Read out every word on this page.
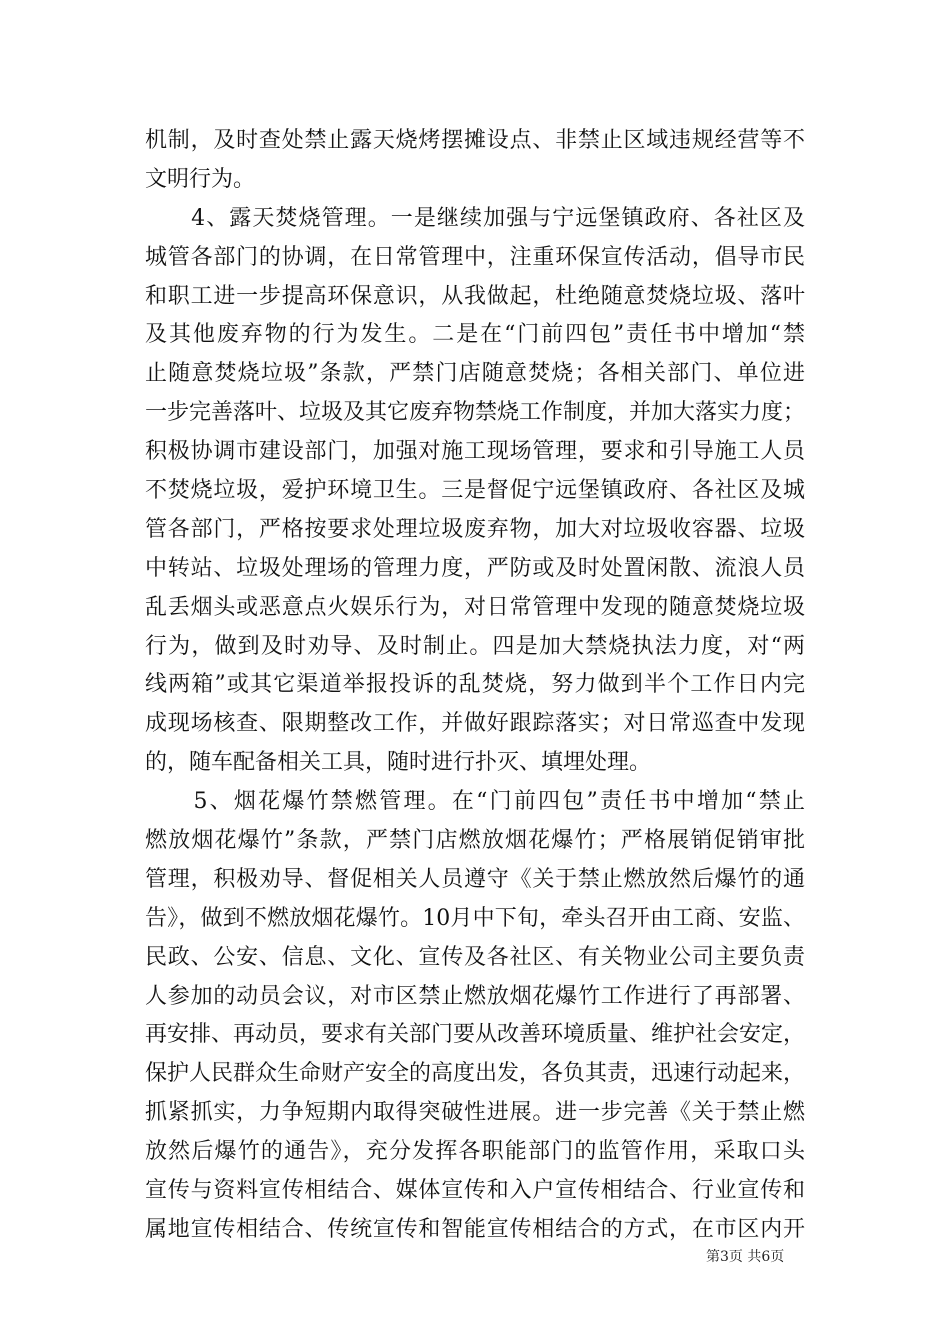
机制，及时查处禁止露天烧烤摆摊设点、非禁止区域违规经营等不
文明行为。
　　4、露天焚烧管理。一是继续加强与宁远堡镇政府、各社区及
城管各部门的协调，在日常管理中，注重环保宣传活动，倡导市民
和职工进一步提高环保意识，从我做起，杜绝随意焚烧垃圾、落叶
及其他废弃物的行为发生。二是在“门前四包”责任书中增加“禁
止随意焚烧垃圾”条款，严禁门店随意焚烧；各相关部门、单位进
一步完善落叶、垃圾及其它废弃物禁烧工作制度，并加大落实力度；
积极协调市建设部门，加强对施工现场管理，要求和引导施工人员
不焚烧垃圾，爱护环境卫生。三是督促宁远堡镇政府、各社区及城
管各部门，严格按要求处理垃圾废弃物，加大对垃圾收容器、垃圾
中转站、垃圾处理场的管理力度，严防或及时处置闲散、流浪人员
乱丢烟头或恶意点火娱乐行为，对日常管理中发现的随意焚烧垃圾
行为，做到及时劝导、及时制止。四是加大禁烧执法力度，对“两
线两箱”或其它渠道举报投诉的乱焚烧，努力做到半个工作日内完
成现场核查、限期整改工作，并做好跟踪落实；对日常巡查中发现
的，随车配备相关工具，随时进行扑灭、填埋处理。
　　5、烟花爆竹禁燃管理。在“门前四包”责任书中增加“禁止
燃放烟花爆竹”条款，严禁门店燃放烟花爆竹；严格展销促销审批
管理，积极劝导、督促相关人员遵守《关于禁止燃放然后爆竹的通
告》，做到不燃放烟花爆竹。10月中下旬，牵头召开由工商、安监、
民政、公安、信息、文化、宣传及各社区、有关物业公司主要负责
人参加的动员会议，对市区禁止燃放烟花爆竹工作进行了再部署、
再安排、再动员，要求有关部门要从改善环境质量、维护社会安定，
保护人民群众生命财产安全的高度出发，各负其责，迅速行动起来，
抓紧抓实，力争短期内取得突破性进展。进一步完善《关于禁止燃
放然后爆竹的通告》，充分发挥各职能部门的监管作用，采取口头
宣传与资料宣传相结合、媒体宣传和入户宣传相结合、行业宣传和
属地宣传相结合、传统宣传和智能宣传相结合的方式，在市区内开
第3页 共6页
